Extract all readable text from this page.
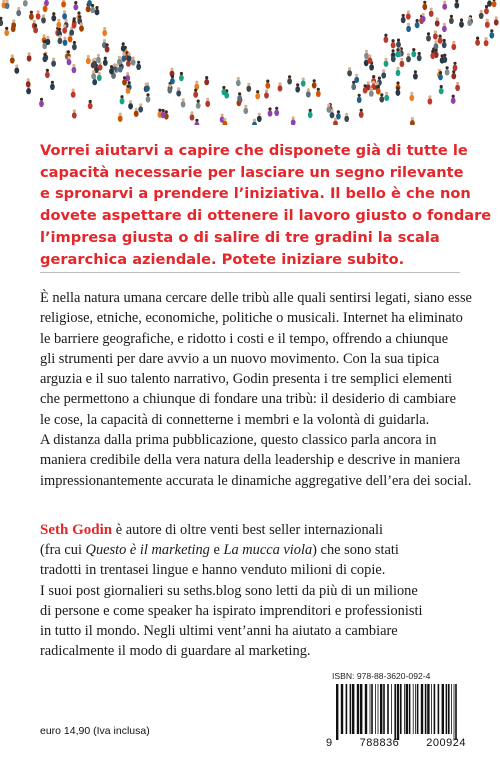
Vorrei aiutarvi a capire che disponete già di tutte le
capacità necessarie per lasciare un segno rilevante
e spronarvi a prendere l’iniziativa. Il bello è che non
dovete aspettare di ottenere il lavoro giusto o fondare
l’impresa giusta o di salire di tre gradini la scala
gerarchica aziendale. Potete iniziare subito.

È nella natura umana cercare delle tribù alle quali sentirsi legati, siano esse
religiose, etniche, economiche, politiche o musicali. Internet ha eliminato
le barriere geografiche, e ridotto i costi e il tempo, offrendo a chiunque
gli strumenti per dare avvio a un nuovo movimento. Con la sua tipica
arguzia e il suo talento narrativo, Godin presenta i tre semplici elementi
che permettono a chiunque di fondare una tribù: il desiderio di cambiare
le cose, la capacità di connetterne i membri e la volontà di guidarla.
A distanza dalla prima pubblicazione, questo classico parla ancora in
maniera credibile della vera natura della leadership e descrive in maniera
impressionantemente accurata le dinamiche aggregative dell’era dei social.

Seth Godin è autore di oltre venti best seller internazionali
(fra cui Questo è il marketing e La mucca viola) che sono stati
tradotti in trentasei lingue e hanno venduto milioni di copie.
I suoi post giornalieri su seths.blog sono letti da più di un milione
di persone e come speaker ha ispirato imprenditori e professionisti
in tutto il mondo. Negli ultimi vent’anni ha aiutato a cambiare
radicalmente il modo di guardare al marketing.

ISBN: 978-88-3620-092-4
9 788836 200924
euro 14,90 (Iva inclusa)
